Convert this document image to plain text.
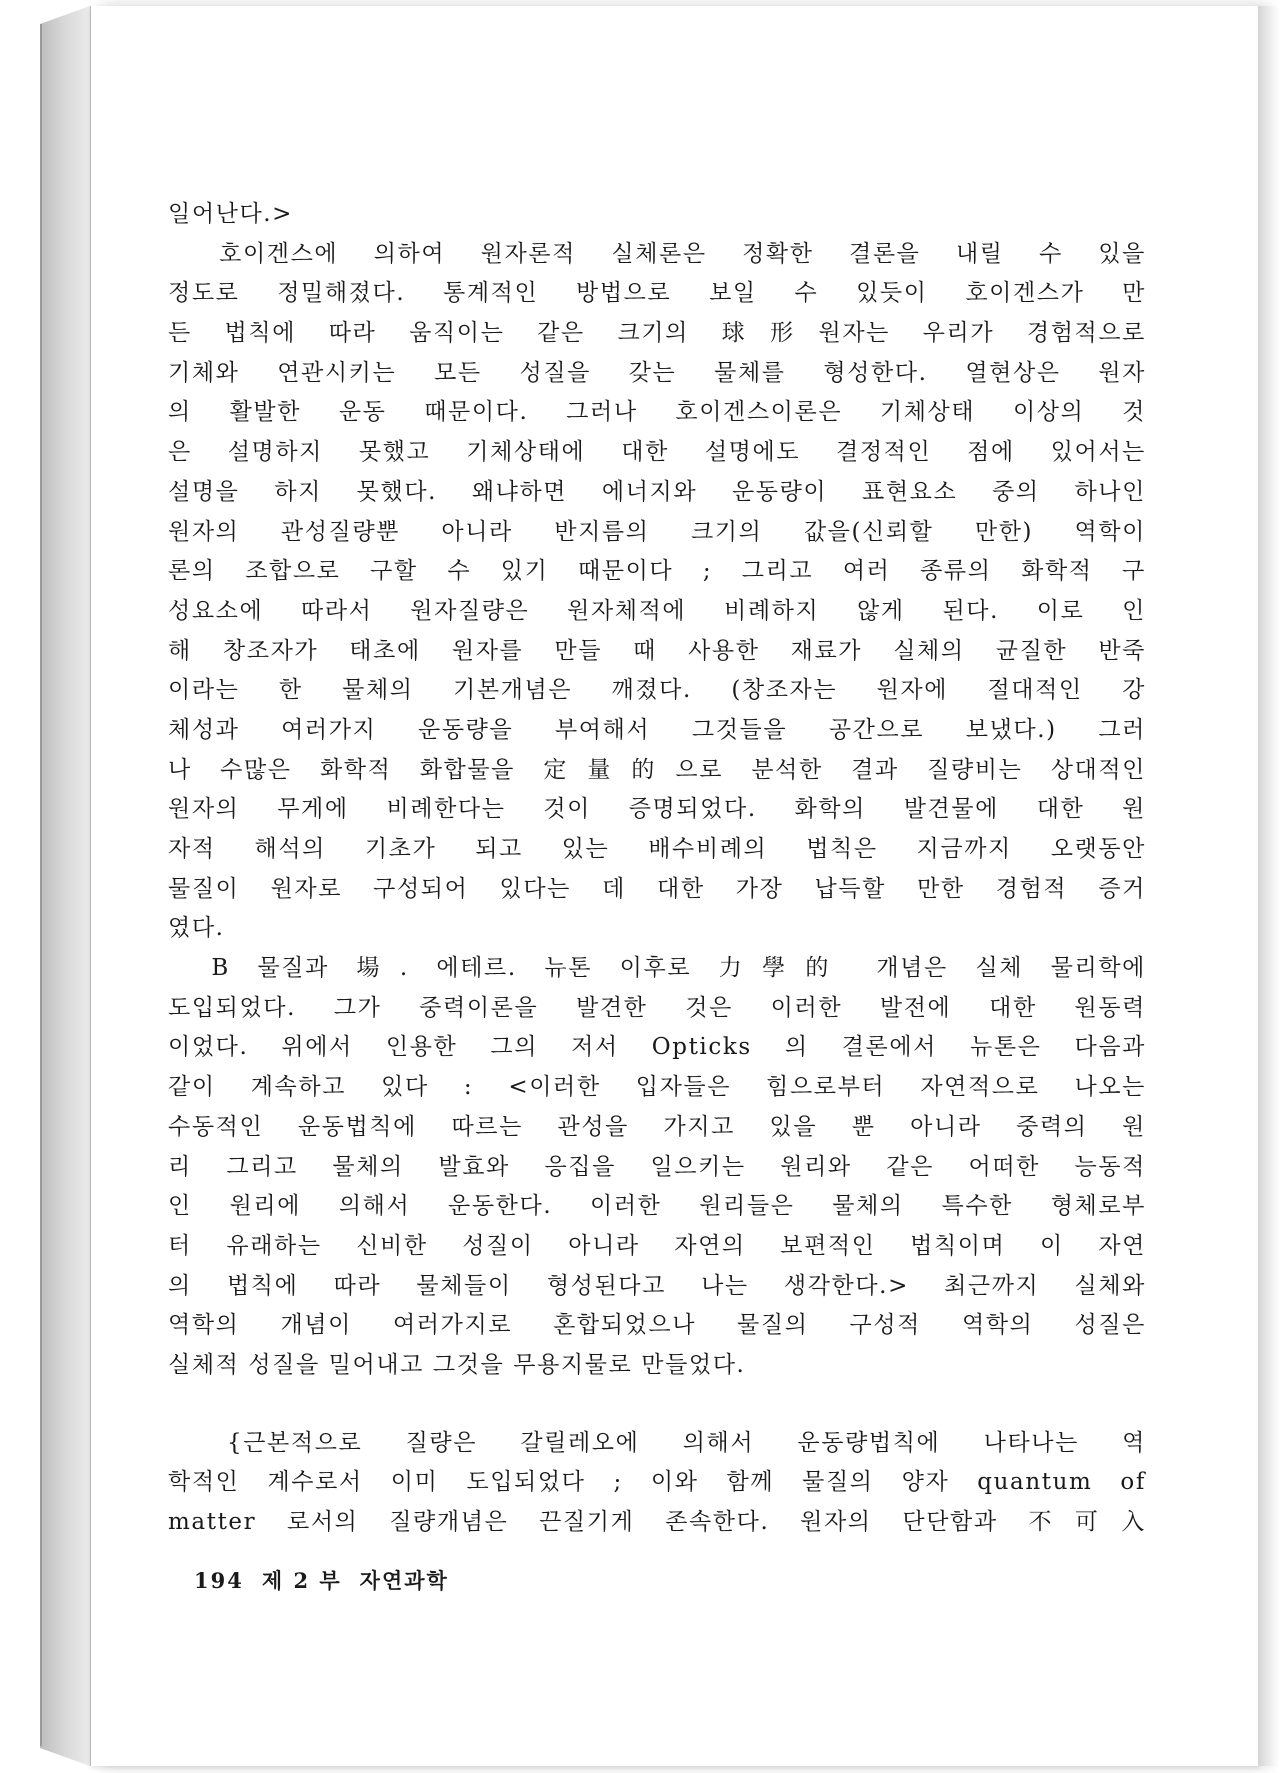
일어난다.>
　호이겐스에 의하여 원자론적 실체론은 정확한 결론을 내릴 수 있을
정도로 정밀해졌다. 통계적인 방법으로 보일 수 있듯이 호이겐스가 만
든 법칙에 따라 움직이는 같은 크기의 球形원자는 우리가 경험적으로
기체와 연관시키는 모든 성질을 갖는 물체를 형성한다. 열현상은 원자
의 활발한 운동 때문이다. 그러나 호이겐스이론은 기체상태 이상의 것
은 설명하지 못했고 기체상태에 대한 설명에도 결정적인 점에 있어서는
설명을 하지 못했다. 왜냐하면 에너지와 운동량이 표현요소 중의 하나인
원자의 관성질량뿐 아니라 반지름의 크기의 값을(신뢰할 만한) 역학이
론의 조합으로 구할 수 있기 때문이다 ; 그리고 여러 종류의 화학적 구
성요소에 따라서 원자질량은 원자체적에 비례하지 않게 된다. 이로 인
해 창조자가 태초에 원자를 만들 때 사용한 재료가 실체의 균질한 반죽
이라는 한 물체의 기본개념은 깨졌다. (창조자는 원자에 절대적인 강
체성과 여러가지 운동량을 부여해서 그것들을 공간으로 보냈다.) 그러
나 수많은 화학적 화합물을 定量的으로 분석한 결과 질량비는 상대적인
원자의 무게에 비례한다는 것이 증명되었다. 화학의 발견물에 대한 원
자적 해석의 기초가 되고 있는 배수비례의 법칙은 지금까지 오랫동안
물질이 원자로 구성되어 있다는 데 대한 가장 납득할 만한 경험적 증거
였다.
　B 물질과 場. 에테르. 뉴톤 이후로 力學的 개념은 실체 물리학에
도입되었다. 그가 중력이론을 발견한 것은 이러한 발전에 대한 원동력
이었다. 위에서 인용한 그의 저서 Opticks 의 결론에서 뉴톤은 다음과
같이 계속하고 있다 : <이러한 입자들은 힘으로부터 자연적으로 나오는
수동적인 운동법칙에 따르는 관성을 가지고 있을 뿐 아니라 중력의 원
리 그리고 물체의 발효와 응집을 일으키는 원리와 같은 어떠한 능동적
인 원리에 의해서 운동한다. 이러한 원리들은 물체의 특수한 형체로부
터 유래하는 신비한 성질이 아니라 자연의 보편적인 법칙이며 이 자연
의 법칙에 따라 물체들이 형성된다고 나는 생각한다.> 최근까지 실체와
역학의 개념이 여러가지로 혼합되었으나 물질의 구성적 역학의 성질은
실체적 성질을 밀어내고 그것을 무용지물로 만들었다.
　{근본적으로 질량은 갈릴레오에 의해서 운동량법칙에 나타나는 역
학적인 계수로서 이미 도입되었다 ; 이와 함께 물질의 양자 quantum of
matter 로서의 질량개념은 끈질기게 존속한다. 원자의 단단함과 不可入
194 제 2 부 자연과학
